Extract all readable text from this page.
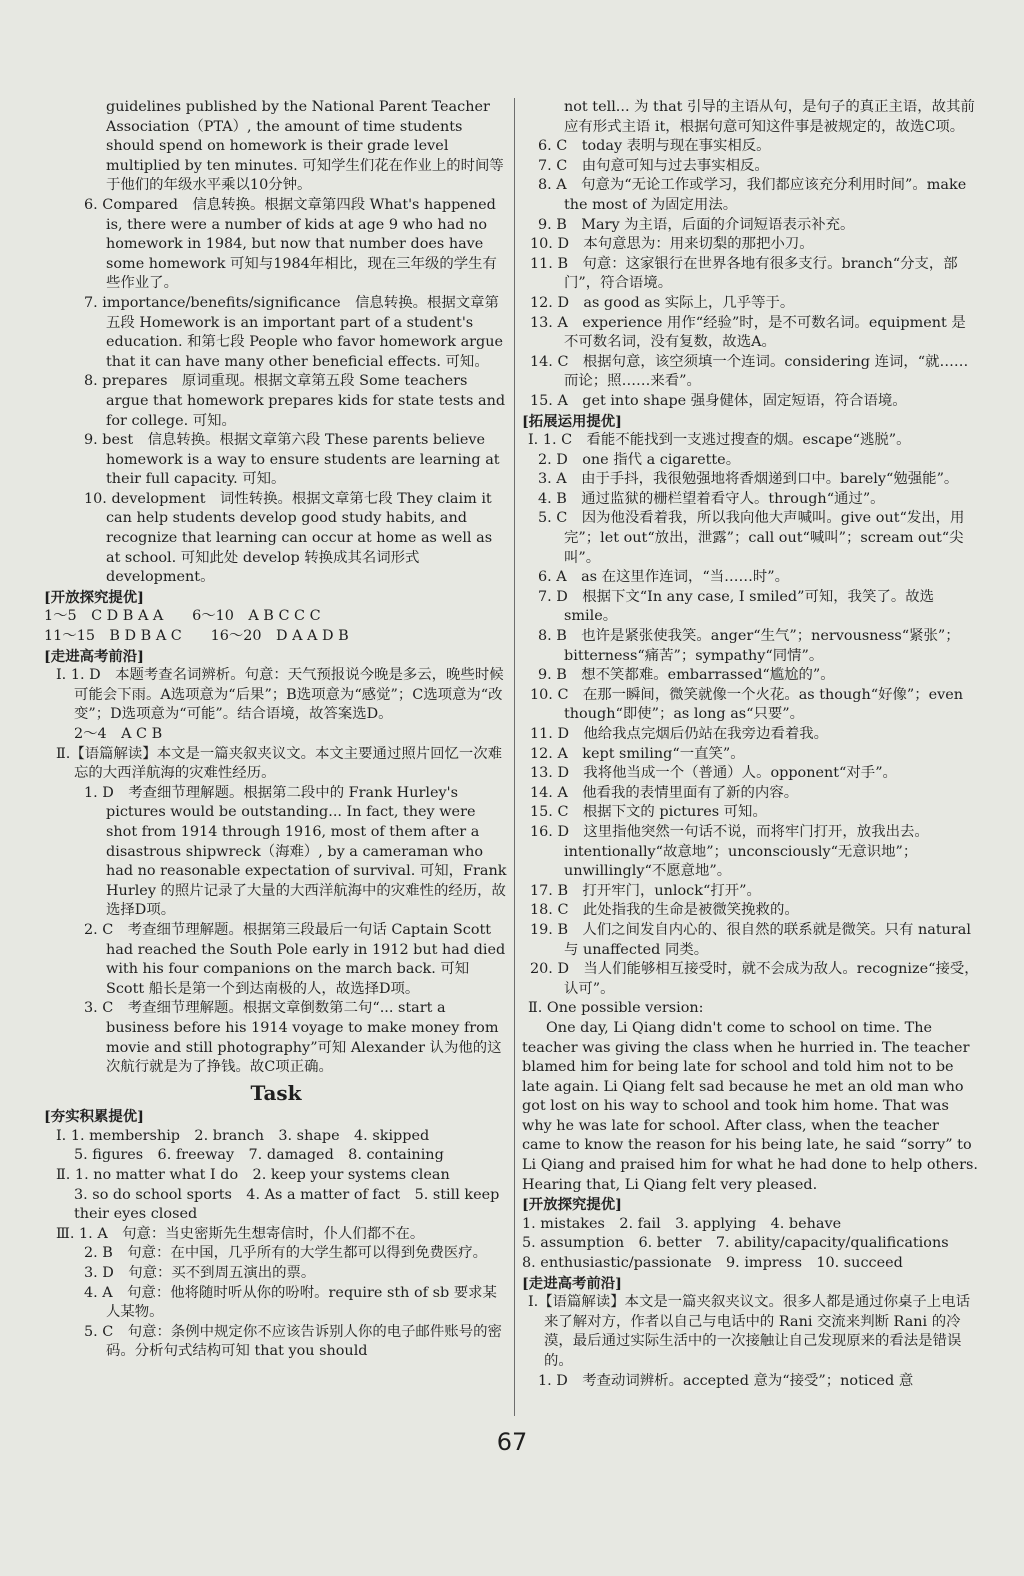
guidelines published by the National Parent Teacher Association（PTA）, the amount of time students should spend on homework is their grade level multiplied by ten minutes. 可知学生们花在作业上的时间等于他们的年级水平乘以10分钟。

6. Compared　信息转换。根据文章第四段 What's happened is, there were a number of kids at age 9 who had no homework in 1984, but now that number does have some homework 可知与1984年相比，现在三年级的学生有些作业了。

7. importance/benefits/significance　信息转换。根据文章第五段 Homework is an important part of a student's education. 和第七段 People who favor homework argue that it can have many other beneficial effects. 可知。

8. prepares　原词重现。根据文章第五段 Some teachers argue that homework prepares kids for state tests and for college. 可知。

9. best　信息转换。根据文章第六段 These parents believe homework is a way to ensure students are learning at their full capacity. 可知。

10. development　词性转换。根据文章第七段 They claim it can help students develop good study habits, and recognize that learning can occur at home as well as at school. 可知此处 develop 转换成其名词形式 development。

[开放探究提优]

1～5　C D B A A　　6～10　A B C C C

11～15　B D B A C　　16～20　D A A D B

[走进高考前沿]

Ⅰ. 1. D　本题考查名词辨析。句意：天气预报说今晚是多云，晚些时候可能会下雨。A选项意为“后果”；B选项意为“感觉”；C选项意为“改变”；D选项意为“可能”。结合语境，故答案选D。

2～4　A C B

Ⅱ.【语篇解读】本文是一篇夹叙夹议文。本文主要通过照片回忆一次难忘的大西洋航海的灾难性经历。

1. D　考查细节理解题。根据第二段中的 Frank Hurley's pictures would be outstanding... In fact, they were shot from 1914 through 1916, most of them after a disastrous shipwreck（海难）, by a cameraman who had no reasonable expectation of survival. 可知，Frank Hurley 的照片记录了大量的大西洋航海中的灾难性的经历，故选择D项。

2. C　考查细节理解题。根据第三段最后一句话 Captain Scott had reached the South Pole early in 1912 but had died with his four companions on the march back. 可知 Scott 船长是第一个到达南极的人，故选择D项。

3. C　考查细节理解题。根据文章倒数第二句“... start a business before his 1914 voyage to make money from movie and still photography”可知 Alexander 认为他的这次航行就是为了挣钱。故C项正确。

Task

[夯实积累提优]

Ⅰ. 1. membership　2. branch　3. shape　4. skipped

5. figures　6. freeway　7. damaged　8. containing

Ⅱ. 1. no matter what I do　2. keep your systems clean

3. so do school sports　4. As a matter of fact　5. still keep their eyes closed

Ⅲ. 1. A　句意：当史密斯先生想寄信时，仆人们都不在。

2. B　句意：在中国，几乎所有的大学生都可以得到免费医疗。

3. D　句意：买不到周五演出的票。

4. A　句意：他将随时听从你的吩咐。require sth of sb 要求某人某物。

5. C　句意：条例中规定你不应该告诉别人你的电子邮件账号的密码。分析句式结构可知 that you should

not tell... 为 that 引导的主语从句，是句子的真正主语，故其前应有形式主语 it，根据句意可知这件事是被规定的，故选C项。

6. C　today 表明与现在事实相反。

7. C　由句意可知与过去事实相反。

8. A　句意为“无论工作或学习，我们都应该充分利用时间”。make the most of 为固定用法。

9. B　Mary 为主语，后面的介词短语表示补充。

10. D　本句意思为：用来切梨的那把小刀。

11. B　句意：这家银行在世界各地有很多支行。branch“分支，部门”，符合语境。

12. D　as good as 实际上，几乎等于。

13. A　experience 用作“经验”时，是不可数名词。equipment 是不可数名词，没有复数，故选A。

14. C　根据句意，该空须填一个连词。considering 连词，“就……而论；照……来看”。

15. A　get into shape 强身健体，固定短语，符合语境。

[拓展运用提优]

Ⅰ. 1. C　看能不能找到一支逃过搜查的烟。escape“逃脱”。

2. D　one 指代 a cigarette。

3. A　由于手抖，我很勉强地将香烟递到口中。barely“勉强能”。

4. B　通过监狱的栅栏望着看守人。through“通过”。

5. C　因为他没看着我，所以我向他大声喊叫。give out“发出，用完”；let out“放出，泄露”；call out“喊叫”；scream out“尖叫”。

6. A　as 在这里作连词，“当……时”。

7. D　根据下文“In any case, I smiled”可知，我笑了。故选 smile。

8. B　也许是紧张使我笑。anger“生气”；nervousness“紧张”；bitterness“痛苦”；sympathy“同情”。

9. B　想不笑都难。embarrassed“尴尬的”。

10. C　在那一瞬间，微笑就像一个火花。as though“好像”；even though“即使”；as long as“只要”。

11. D　他给我点完烟后仍站在我旁边看着我。

12. A　kept smiling“一直笑”。

13. D　我将他当成一个（普通）人。opponent“对手”。

14. A　他看我的表情里面有了新的内容。

15. C　根据下文的 pictures 可知。

16. D　这里指他突然一句话不说，而将牢门打开，放我出去。intentionally“故意地”；unconsciously“无意识地”；unwillingly“不愿意地”。

17. B　打开牢门，unlock“打开”。

18. C　此处指我的生命是被微笑挽救的。

19. B　人们之间发自内心的、很自然的联系就是微笑。只有 natural 与 unaffected 同类。

20. D　当人们能够相互接受时，就不会成为敌人。recognize“接受，认可”。

Ⅱ. One possible version:

One day, Li Qiang didn't come to school on time. The teacher was giving the class when he hurried in. The teacher blamed him for being late for school and told him not to be late again. Li Qiang felt sad because he met an old man who got lost on his way to school and took him home. That was why he was late for school. After class, when the teacher came to know the reason for his being late, he said “sorry” to Li Qiang and praised him for what he had done to help others. Hearing that, Li Qiang felt very pleased.

[开放探究提优]

1. mistakes　2. fail　3. applying　4. behave

5. assumption　6. better　7. ability/capacity/qualifications

8. enthusiastic/passionate　9. impress　10. succeed

[走进高考前沿]

Ⅰ.【语篇解读】本文是一篇夹叙夹议文。很多人都是通过你桌子上电话来了解对方，作者以自己与电话中的 Rani 交流来判断 Rani 的冷漠，最后通过实际生活中的一次接触让自己发现原来的看法是错误的。

1. D　考查动词辨析。accepted 意为“接受”；noticed 意

67
